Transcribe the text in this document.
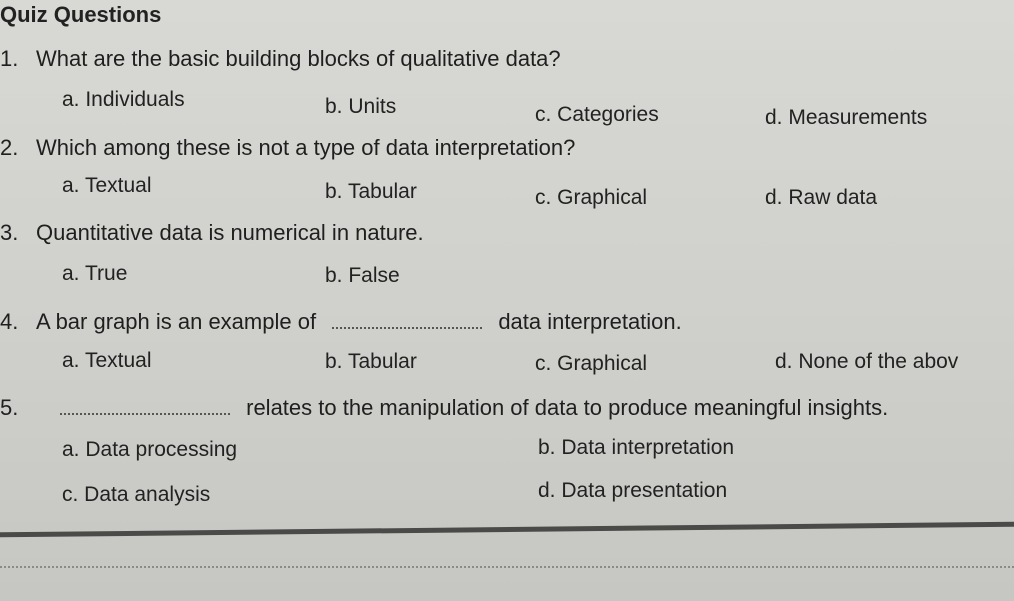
Quiz Questions
1. What are the basic building blocks of qualitative data?
a. Individuals	b. Units	c. Categories	d. Measurements
2. Which among these is not a type of data interpretation?
a. Textual	b. Tabular	c. Graphical	d. Raw data
3. Quantitative data is numerical in nature.
a. True	b. False
4. A bar graph is an example of	data interpretation.
a. Textual	b. Tabular	c. Graphical	d. None of the abov
5.	relates to the manipulation of data to produce meaningful insights.
a. Data processing	b. Data interpretation
c. Data analysis	d. Data presentation
